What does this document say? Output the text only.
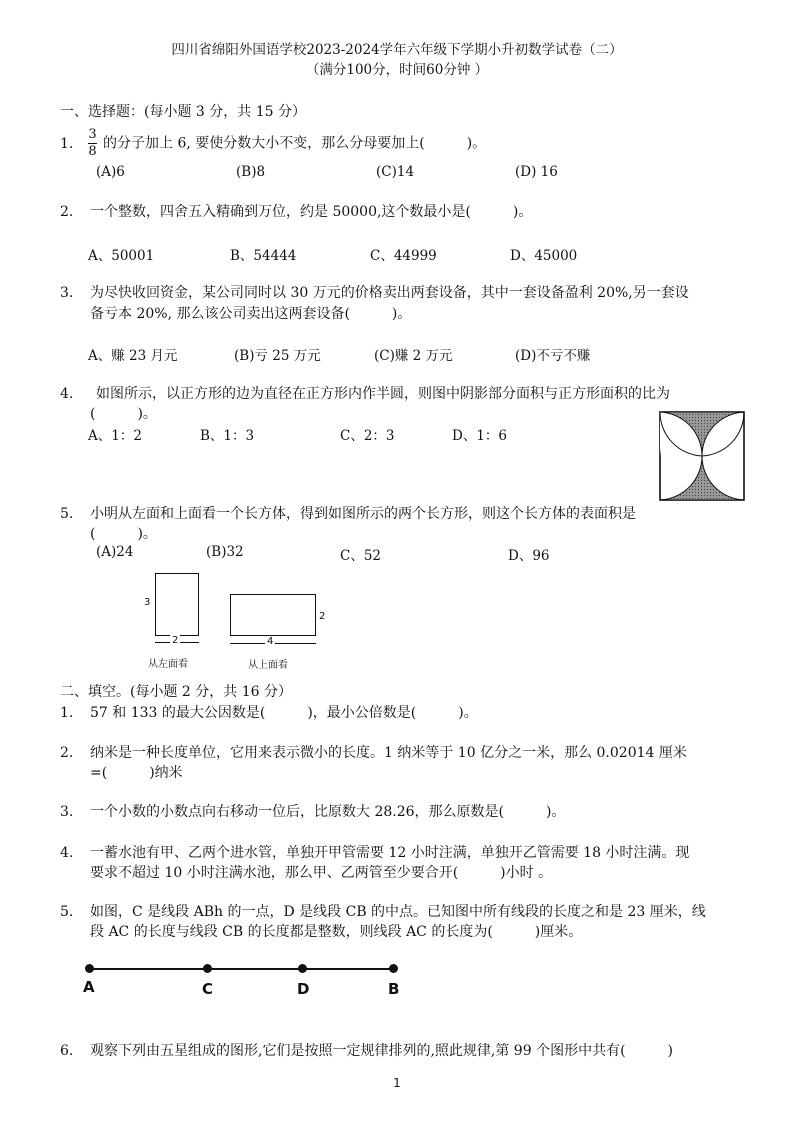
四川省绵阳外国语学校2023-2024学年六年级下学期小升初数学试卷（二）
（满分100分，时间60分钟 ）
一、选择题：(每小题 3 分，共 15 分）
1. $\frac{3}{8}$ 的分子加上 6, 要使分数大小不变，那么分母要加上(　　　)。
(A)6	(B)8	(C)14	(D) 16
2. 一个整数，四舍五入精确到万位，约是 50000,这个数最小是(　　　)。
A、50001	B、54444	C、44999	D、45000
3. 为尽快收回资金，某公司同时以 30 万元的价格卖出两套设备，其中一套设备盈利 20%,另一套设
备亏本 20%, 那么该公司卖出这两套设备(　　　)。
A、赚 23 月元	(B)亏 25 万元	(C)赚 2 万元	(D)不亏不赚
4. 如图所示，以正方形的边为直径在正方形内作半圆，则图中阴影部分面积与正方形面积的比为
(　　　)。
A、1：2	B、1：3	C、2：3	D、1：6
5. 小明从左面和上面看一个长方体，得到如图所示的两个长方形，则这个长方体的表面积是
(　　　)。
(A)24	(B)32	C、52	D、96
3
2
从左面看
2
4
从上面看
二、填空。(每小题 2 分，共 16 分）
1. 57 和 133 的最大公因数是(　　　)，最小公倍数是(　　　)。
2. 纳米是一种长度单位，它用来表示微小的长度。1 纳米等于 10 亿分之一米，那么 0.02014 厘米
=(　　　)纳米
3. 一个小数的小数点向右移动一位后，比原数大 28.26，那么原数是(　　　)。
4. 一蓄水池有甲、乙两个进水管，单独开甲管需要 12 小时注满，单独开乙管需要 18 小时注满。现
要求不超过 10 小时注满水池，那么甲、乙两管至少要合开(　　　)小时 。
5. 如图，C 是线段 ABh 的一点，D 是线段 CB 的中点。已知图中所有线段的长度之和是 23 厘米，线
段 AC 的长度与线段 CB 的长度都是整数，则线段 AC 的长度为(　　　)厘米。
A	C	D	B
6. 观察下列由五星组成的图形,它们是按照一定规律排列的,照此规律,第 99 个图形中共有(　　　)
1
